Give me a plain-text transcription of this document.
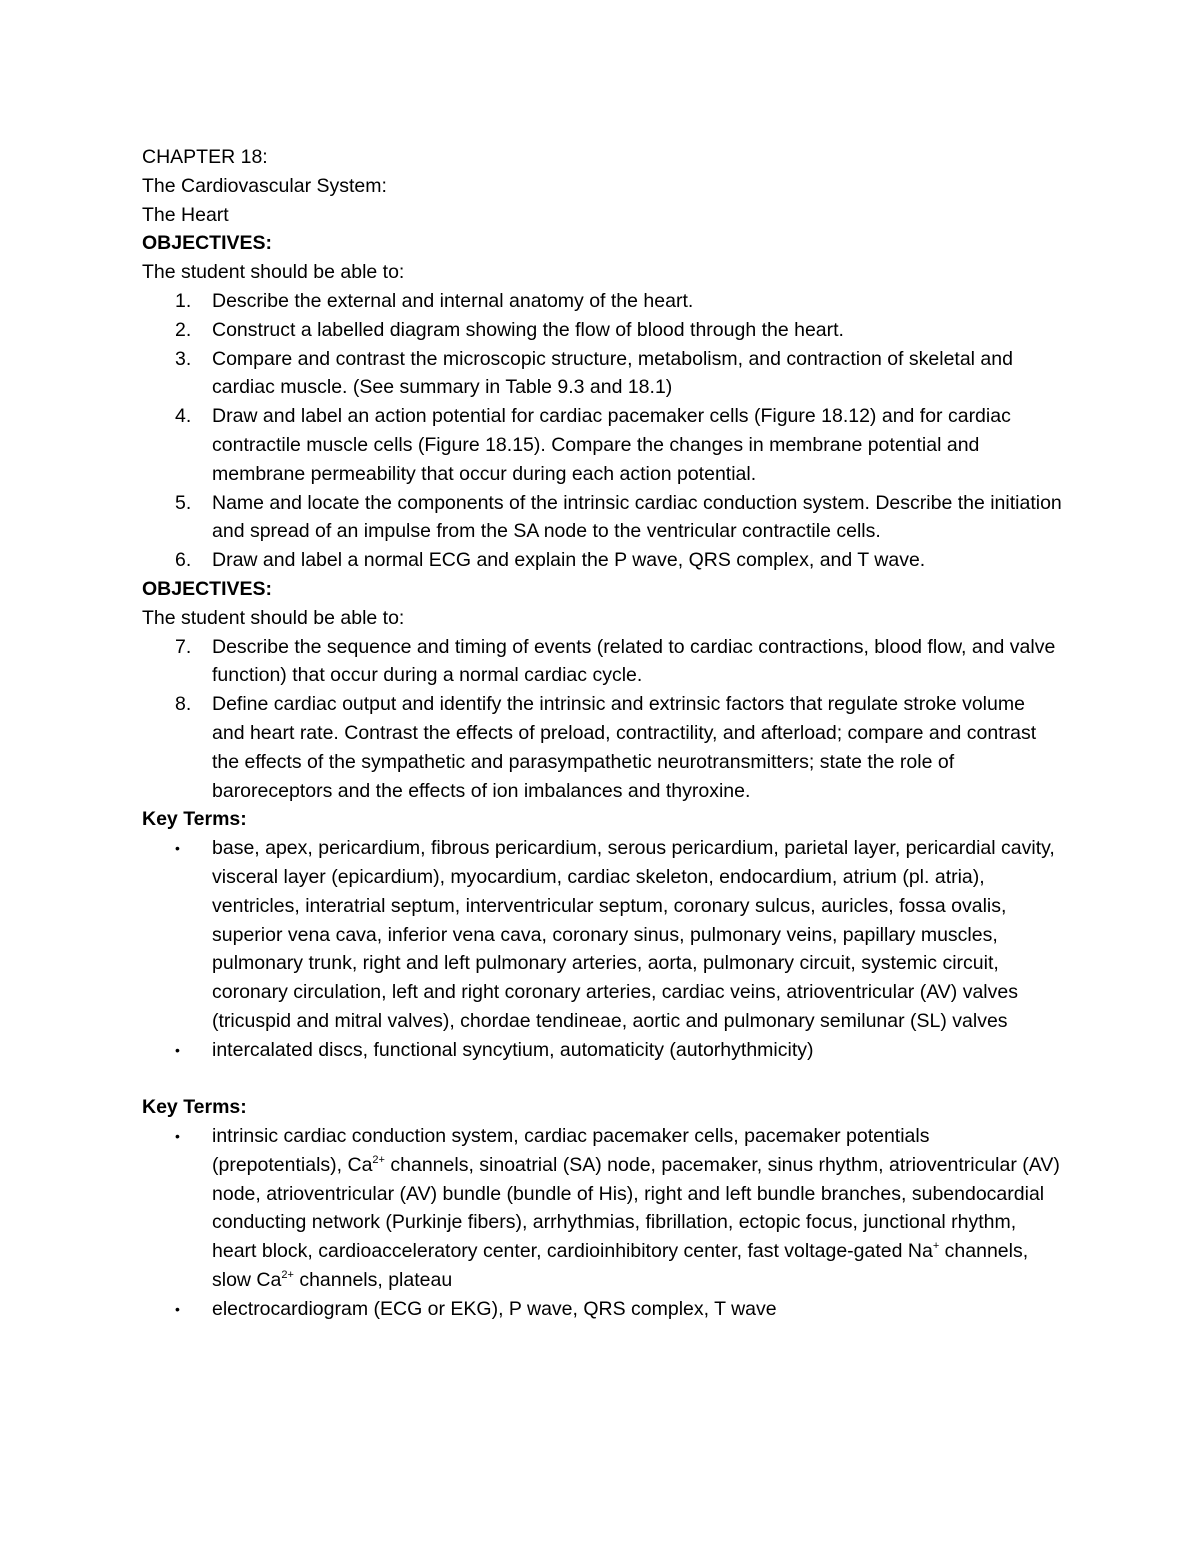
CHAPTER 18:
The Cardiovascular System:
The Heart
OBJECTIVES:
The student should be able to:
1. Describe the external and internal anatomy of the heart.
2. Construct a labelled diagram showing the flow of blood through the heart.
3. Compare and contrast the microscopic structure, metabolism, and contraction of skeletal and cardiac muscle. (See summary in Table 9.3 and 18.1)
4. Draw and label an action potential for cardiac pacemaker cells (Figure 18.12) and for cardiac contractile muscle cells (Figure 18.15). Compare the changes in membrane potential and membrane permeability that occur during each action potential.
5. Name and locate the components of the intrinsic cardiac conduction system. Describe the initiation and spread of an impulse from the SA node to the ventricular contractile cells.
6. Draw and label a normal ECG and explain the P wave, QRS complex, and T wave.
OBJECTIVES:
The student should be able to:
7. Describe the sequence and timing of events (related to cardiac contractions, blood flow, and valve function) that occur during a normal cardiac cycle.
8. Define cardiac output and identify the intrinsic and extrinsic factors that regulate stroke volume and heart rate. Contrast the effects of preload, contractility, and afterload; compare and contrast the effects of the sympathetic and parasympathetic neurotransmitters; state the role of baroreceptors and the effects of ion imbalances and thyroxine.
Key Terms:
• base, apex, pericardium, fibrous pericardium, serous pericardium, parietal layer, pericardial cavity, visceral layer (epicardium), myocardium, cardiac skeleton, endocardium, atrium (pl. atria), ventricles, interatrial septum, interventricular septum, coronary sulcus, auricles, fossa ovalis, superior vena cava, inferior vena cava, coronary sinus, pulmonary veins, papillary muscles, pulmonary trunk, right and left pulmonary arteries, aorta, pulmonary circuit, systemic circuit, coronary circulation, left and right coronary arteries, cardiac veins, atrioventricular (AV) valves (tricuspid and mitral valves), chordae tendineae, aortic and pulmonary semilunar (SL) valves
• intercalated discs, functional syncytium, automaticity (autorhythmicity)
Key Terms:
• intrinsic cardiac conduction system, cardiac pacemaker cells, pacemaker potentials (prepotentials), $Ca^{2+}$ channels, sinoatrial (SA) node, pacemaker, sinus rhythm, atrioventricular (AV) node, atrioventricular (AV) bundle (bundle of His), right and left bundle branches, subendocardial conducting network (Purkinje fibers), arrhythmias, fibrillation, ectopic focus, junctional rhythm, heart block, cardioacceleratory center, cardioinhibitory center, fast voltage-gated Na+ channels, slow $Ca^{2+}$ channels, plateau
• electrocardiogram (ECG or EKG), P wave, QRS complex, T wave
